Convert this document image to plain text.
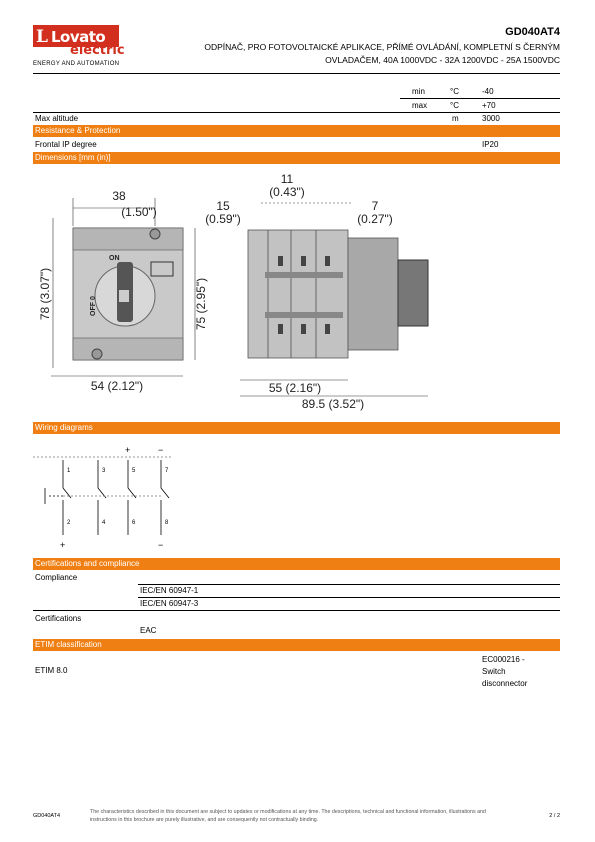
L Lovato
electric
ENERGY AND AUTOMATION
GD040AT4
ODPÍNAČ, PRO FOTOVOLTAICKÉ APLIKACE, PŘÍMÉ OVLÁDÁNÍ, KOMPLETNÍ S ČERNÝM
OVLADAČEM, 40A 1000VDC - 32A 1200VDC - 25A 1500VDC
min	°C	-40
max	°C	+70
Max altitude	m	3000
Resistance & Protection
Frontal IP degree	IP20
Dimensions [mm (in)]
ON
OFF 0
38
(1.50")
78 (3.07")	75 (2.95")
54 (2.12")
11
(0.43")
15
(0.59")
7
(0.27")
55 (2.16")
89.5 (3.52")
Wiring diagrams
1	3	5	7
2	4	6	8
+	−
+	−
Certifications and compliance
Compliance
IEC/EN 60947-1
IEC/EN 60947-3
Certifications
EAC
ETIM classification
ETIM 8.0
EC000216 -
Switch
disconnector
GD040AT4
The characteristics described in this document are subject to updates or modifications at any time. The descriptions, technical and functional information, illustrations and instructions in this brochure are purely illustrative, and are consequently not contractually binding.
2 / 2
